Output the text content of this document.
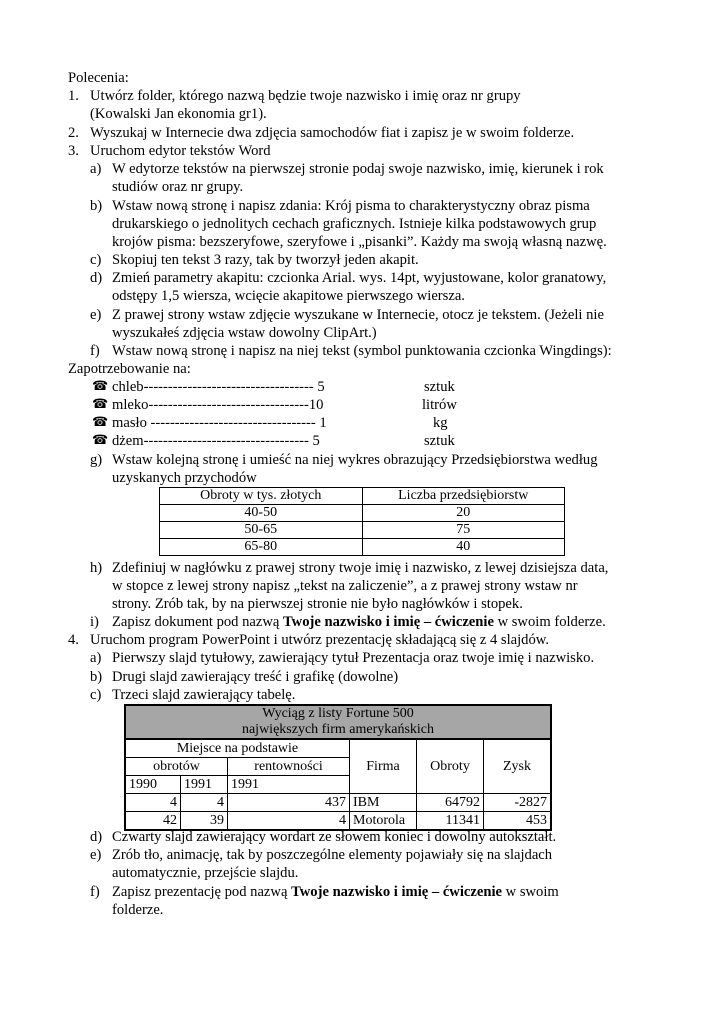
Polecenia:
1. Utwórz folder, którego nazwą będzie twoje nazwisko i imię oraz nr grupy
(Kowalski Jan ekonomia gr1).
2. Wyszukaj w Internecie dwa zdjęcia samochodów fiat i zapisz je w swoim folderze.
3. Uruchom edytor tekstów Word
a) W edytorze tekstów na pierwszej stronie podaj swoje nazwisko, imię, kierunek i rok
studiów oraz nr grupy.
b) Wstaw nową stronę i napisz zdania: Krój pisma to charakterystyczny obraz pisma
drukarskiego o jednolitych cechach graficznych. Istnieje kilka podstawowych grup
krojów pisma: bezszeryfowe, szeryfowe i „pisanki”. Każdy ma swoją własną nazwę.
c) Skopiuj ten tekst 3 razy, tak by tworzył jeden akapit.
d) Zmień parametry akapitu: czcionka Arial. wys. 14pt, wyjustowane, kolor granatowy,
odstępy 1,5 wiersza, wcięcie akapitowe pierwszego wiersza.
e) Z prawej strony wstaw zdjęcie wyszukane w Internecie, otocz je tekstem. (Jeżeli nie
wyszukałeś zdjęcia wstaw dowolny ClipArt.)
f) Wstaw nową stronę i napisz na niej tekst (symbol punktowania czcionka Wingdings):
Zapotrzebowanie na:
☎ chleb----------------------------------- 5	sztuk
☎ mleko---------------------------------10	litrów
☎ masło ---------------------------------- 1	kg
☎ dżem---------------------------------- 5	sztuk
g) Wstaw kolejną stronę i umieść na niej wykres obrazujący Przedsiębiorstwa według
uzyskanych przychodów
Obroty w tys. złotych	Liczba przedsiębiorstw
40-50	20
50-65	75
65-80	40
h) Zdefiniuj w nagłówku z prawej strony twoje imię i nazwisko, z lewej dzisiejsza data,
w stopce z lewej strony napisz „tekst na zaliczenie”, a z prawej strony wstaw nr
strony. Zrób tak, by na pierwszej stronie nie było nagłówków i stopek.
i) Zapisz dokument pod nazwą Twoje nazwisko i imię – ćwiczenie w swoim folderze.
4. Uruchom program PowerPoint i utwórz prezentację składającą się z 4 slajdów.
a) Pierwszy slajd tytułowy, zawierający tytuł Prezentacja oraz twoje imię i nazwisko.
b) Drugi slajd zawierający treść i grafikę (dowolne)
c) Trzeci slajd zawierający tabelę.
Wyciąg z listy Fortune 500
największych firm amerykańskich					

Miejsce na podstawie			Firma	Obroty	Zysk
obrotów		rentowności			
1990	1991	1991			
4	4	437	IBM	64792	-2827
42	39	4	Motorola	11341	453
d) Czwarty slajd zawierający wordart ze słowem koniec i dowolny autokształt.
e) Zrób tło, animację, tak by poszczególne elementy pojawiały się na slajdach
automatycznie, przejście slajdu.
f) Zapisz prezentację pod nazwą Twoje nazwisko i imię – ćwiczenie w swoim
folderze.
